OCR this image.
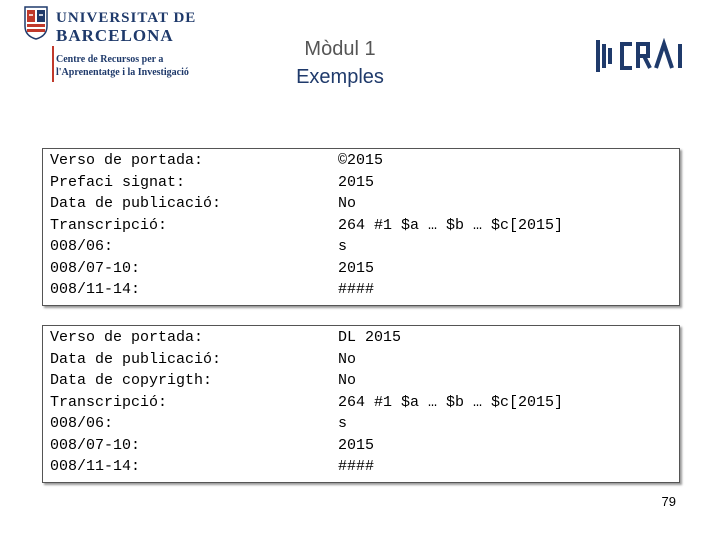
UNIVERSITAT DE
BARCELONA
Centre de Recursos per a
l'Aprenentatge i la Investigació
Mòdul 1
Exemples
Verso de portada:	©2015
Prefaci signat:	2015
Data de publicació:	No
Transcripció:	264 #1 $a … $b … $c[2015]
008/06:	s
008/07-10:	2015
008/11-14:	####
Verso de portada:	DL 2015
Data de publicació:	No
Data de copyrigth:	No
Transcripció:	264 #1 $a … $b … $c[2015]
008/06:	s
008/07-10:	2015
008/11-14:	####
79
